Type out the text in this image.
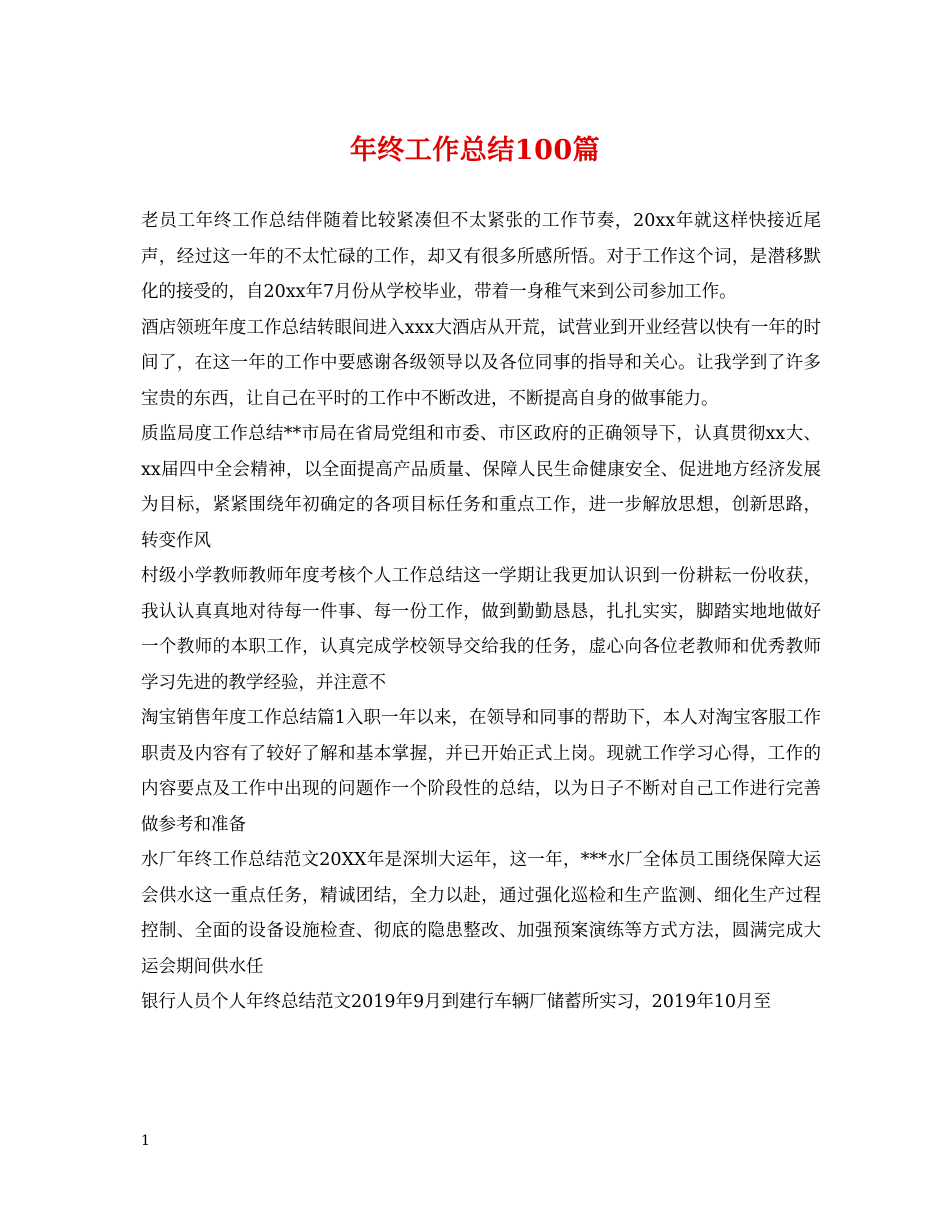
年终工作总结100篇

老员工年终工作总结伴随着比较紧凑但不太紧张的工作节奏，20xx年就这样快接近尾声，经过这一年的不太忙碌的工作，却又有很多所感所悟。对于工作这个词，是潜移默化的接受的，自20xx年7月份从学校毕业，带着一身稚气来到公司参加工作。

酒店领班年度工作总结转眼间进入xxx大酒店从开荒，试营业到开业经营以快有一年的时间了，在这一年的工作中要感谢各级领导以及各位同事的指导和关心。让我学到了许多宝贵的东西，让自己在平时的工作中不断改进，不断提高自身的做事能力。

质监局度工作总结**市局在省局党组和市委、市区政府的正确领导下，认真贯彻xx大、xx届四中全会精神，以全面提高产品质量、保障人民生命健康安全、促进地方经济发展为目标，紧紧围绕年初确定的各项目标任务和重点工作，进一步解放思想，创新思路，转变作风

村级小学教师教师年度考核个人工作总结这一学期让我更加认识到一份耕耘一份收获，我认认真真地对待每一件事、每一份工作，做到勤勤恳恳，扎扎实实，脚踏实地地做好一个教师的本职工作，认真完成学校领导交给我的任务，虚心向各位老教师和优秀教师学习先进的教学经验，并注意不

淘宝销售年度工作总结篇1入职一年以来，在领导和同事的帮助下，本人对淘宝客服工作职责及内容有了较好了解和基本掌握，并已开始正式上岗。现就工作学习心得，工作的内容要点及工作中出现的问题作一个阶段性的总结，以为日子不断对自己工作进行完善做参考和准备

水厂年终工作总结范文20XX年是深圳大运年，这一年，***水厂全体员工围绕保障大运会供水这一重点任务，精诚团结，全力以赴，通过强化巡检和生产监测、细化生产过程控制、全面的设备设施检查、彻底的隐患整改、加强预案演练等方式方法，圆满完成大运会期间供水任

银行人员个人年终总结范文2019年9月到建行车辆厂储蓄所实习，2019年10月至

1
